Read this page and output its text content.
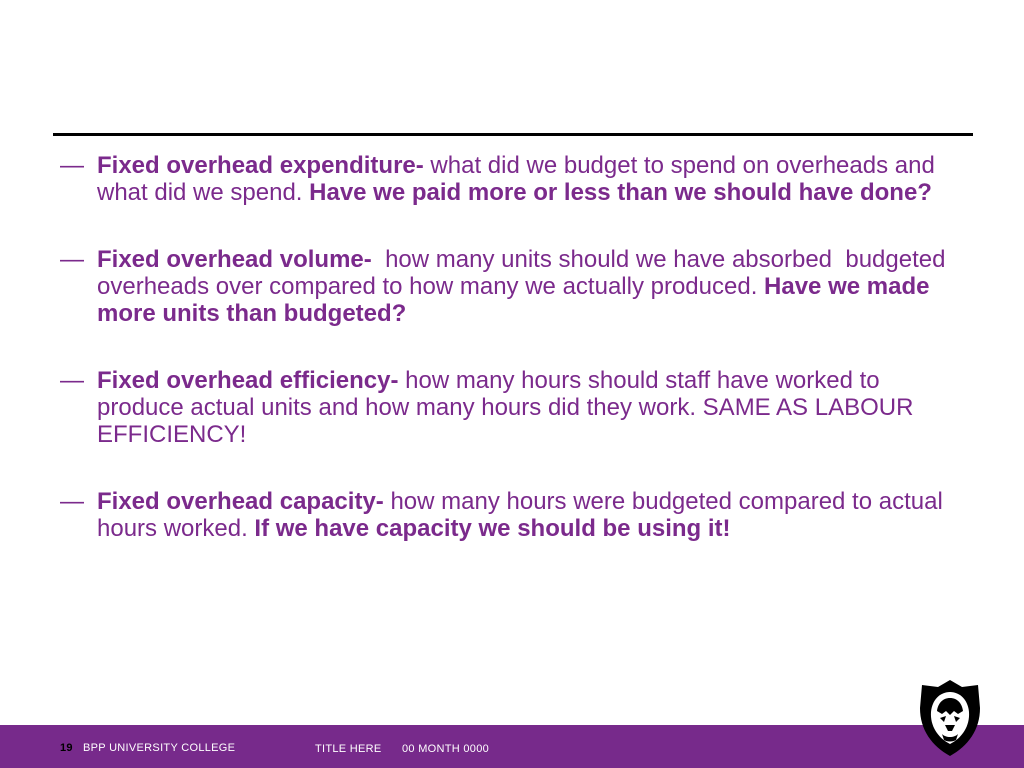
— Fixed overhead expenditure- what did we budget to spend on overheads and what did we spend. Have we paid more or less than we should have done?
— Fixed overhead volume-  how many units should we have absorbed  budgeted overheads over compared to how many we actually produced. Have we made more units than budgeted?
— Fixed overhead efficiency- how many hours should staff have worked to produce actual units and how many hours did they work. SAME AS LABOUR EFFICIENCY!
— Fixed overhead capacity- how many hours were budgeted compared to actual hours worked. If we have capacity we should be using it!
19 BPP UNIVERSITY COLLEGE	TITLE HERE 00 MONTH 0000
